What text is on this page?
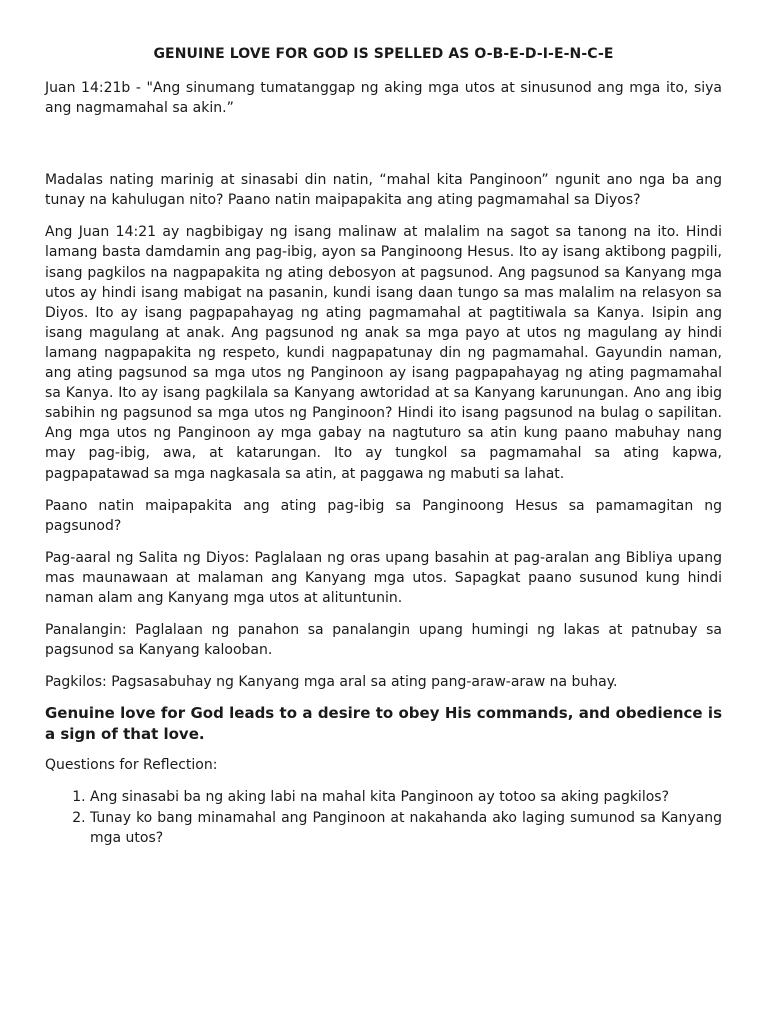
GENUINE LOVE FOR GOD IS SPELLED AS O-B-E-D-I-E-N-C-E

Juan 14:21b - "Ang sinumang tumatanggap ng aking mga utos at sinusunod ang mga ito, siya ang nagmamahal sa akin.”

Madalas nating marinig at sinasabi din natin, “mahal kita Panginoon” ngunit ano nga ba ang tunay na kahulugan nito? Paano natin maipapakita ang ating pagmamahal sa Diyos?

Ang Juan 14:21 ay nagbibigay ng isang malinaw at malalim na sagot sa tanong na ito. Hindi lamang basta damdamin ang pag-ibig, ayon sa Panginoong Hesus. Ito ay isang aktibong pagpili, isang pagkilos na nagpapakita ng ating debosyon at pagsunod. Ang pagsunod sa Kanyang mga utos ay hindi isang mabigat na pasanin, kundi isang daan tungo sa mas malalim na relasyon sa Diyos. Ito ay isang pagpapahayag ng ating pagmamahal at pagtitiwala sa Kanya. Isipin ang isang magulang at anak. Ang pagsunod ng anak sa mga payo at utos ng magulang ay hindi lamang nagpapakita ng respeto, kundi nagpapatunay din ng pagmamahal. Gayundin naman, ang ating pagsunod sa mga utos ng Panginoon ay isang pagpapahayag ng ating pagmamahal sa Kanya. Ito ay isang pagkilala sa Kanyang awtoridad at sa Kanyang karunungan. Ano ang ibig sabihin ng pagsunod sa mga utos ng Panginoon? Hindi ito isang pagsunod na bulag o sapilitan. Ang mga utos ng Panginoon ay mga gabay na nagtuturo sa atin kung paano mabuhay nang may pag-ibig, awa, at katarungan. Ito ay tungkol sa pagmamahal sa ating kapwa, pagpapatawad sa mga nagkasala sa atin, at paggawa ng mabuti sa lahat.

Paano natin maipapakita ang ating pag-ibig sa Panginoong Hesus sa pamamagitan ng pagsunod?

Pag-aaral ng Salita ng Diyos: Paglalaan ng oras upang basahin at pag-aralan ang Bibliya upang mas maunawaan at malaman ang Kanyang mga utos. Sapagkat paano susunod kung hindi naman alam ang Kanyang mga utos at alituntunin.

Panalangin: Paglalaan ng panahon sa panalangin upang humingi ng lakas at patnubay sa pagsunod sa Kanyang kalooban.

Pagkilos: Pagsasabuhay ng Kanyang mga aral sa ating pang-araw-araw na buhay.

Genuine love for God leads to a desire to obey His commands, and obedience is a sign of that love.

Questions for Reflection:

1. Ang sinasabi ba ng aking labi na mahal kita Panginoon ay totoo sa aking pagkilos?
2. Tunay ko bang minamahal ang Panginoon at nakahanda ako laging sumunod sa Kanyang mga utos?
